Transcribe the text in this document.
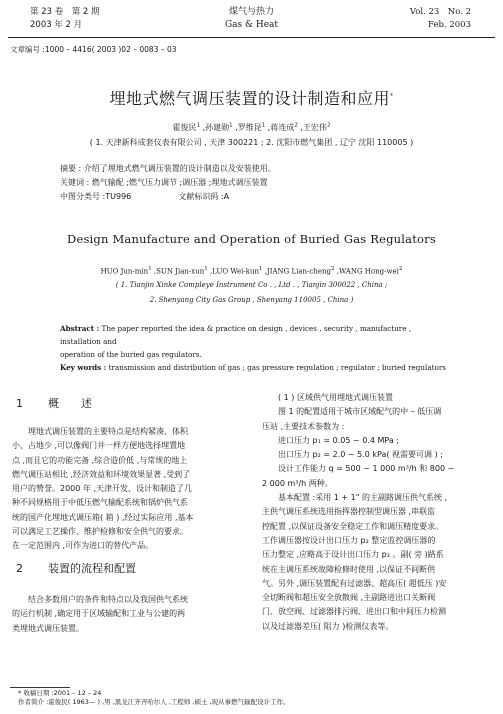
第 23 卷　第 2 期
2003 年 2 月
煤气与热力
Gas & Heat
Vol. 23　No. 2
Feb. 2003
文章编号 :1000 – 4416( 2003 )02 – 0083 – 03
埋地式燃气调压装置的设计制造和应用*
霍俊民$^1$ ,孙建勋$^1$ ,罗维昆$^1$ ,蒋连成$^2$ ,王宏伟$^2$
( 1. 天津新科成套仪表有限公司 , 天津 300221 ; 2. 沈阳市燃气集团 , 辽宁 沈阳 110005 )
摘要 : 介绍了埋地式燃气调压装置的设计制造以及安装使用。
关键词 : 燃气输配 ;燃气压力调节 ;调压器 ;埋地式调压装置
中图分类号 :TU996	文献标识码 :A
Design Manufacture and Operation of Buried Gas Regulators
HUO Jun-$\min^1$ ,SUN Jian-xun$^1$ ,LUO Wei-kun$^1$ ,JIANG Lian-cheng$^2$ ,WANG Hong-wei$^2$
( 1. Tianjin Xinke Compleye Instrument Co . , Ltd . , Tianjin 300022 , China ;
2. Shenyang City Gas Group , Shenyang 110005 , China )
Abstract : The paper reported the idea & practice on design , devices , security , manufacture , installation and
operation of the buried gas regulators.
Key words : transmission and distribution of gas ; gas pressure regulation ; regulator ; buried regulators
1 概　　述
埋地式调压装置的主要特点是结构紧凑、体积
小、占地少 ,可以像阀门井一样方便地选择埋置地
点 ,而且它的功能完备 ,综合造价低 ,与常规的地上
燃气调压站相比 ,经济效益和环境效果显著 ,受到了
用户的赞誉。2000 年 ,天津开发、设计和制造了几
种不同规格用于中低压燃气输配系统和锅炉供气系
统的国产化埋地式调压箱( 箱 ) ,经过实际应用 ,基本
可以满足工艺操作、维护检修和安全供气的要求。
在一定范围内 ,可作为进口的替代产品。
2 装置的流程和配置
结合多数用户的条件和特点以及我国供气系统
的运行机制 ,确定用于区域输配和工业与公建的两
类埋地式调压装置。
( 1 ) 区域供气用埋地式调压装置
图 1 的配置适用于城市区域配气的中 – 低压调
压站 ,主要技术参数为 :
进口压力 p₁ = 0.05 ~ 0.4 MPa ;
出口压力 p₂ = 2.0 ~ 5.0 kPa( 视需要可调 ) ;
设计工作能力 q = 500 ~ 1 000 m³/h 和 800 ~
2 000 m³/h 两种。
基本配置 :采用 1 + 1" 的主副路调压供气系统 ,
主供气调压系统选用指挥器控制型调压器 ,串联监
控配置 ,以保证设备安全稳定工作和调压精度要求。
工作调压器按设计出口压力 p₂ 整定监控调压器的
压力整定 ,应略高于设计出口压力 p₂ 。副( 旁 )路系
统在主调压系统故障检修时使用 ,以保证不间断供
气。另外 ,调压装置配有过滤器、超高压( 超低压 )安
全切断阀和超压安全放散阀 ,主副路进出口关断阀
门、放空阀、过滤器排污阀、进出口和中间压力检测
以及过滤器差压( 阻力 )检测仪表等。
* 收稿日期 :2001 – 12 – 24
作者简介 :霍俊民( 1963— ) ,男 ,黑龙江齐齐哈尔人 ,工程师 ,硕士 ,现从事燃气输配设计工作。
